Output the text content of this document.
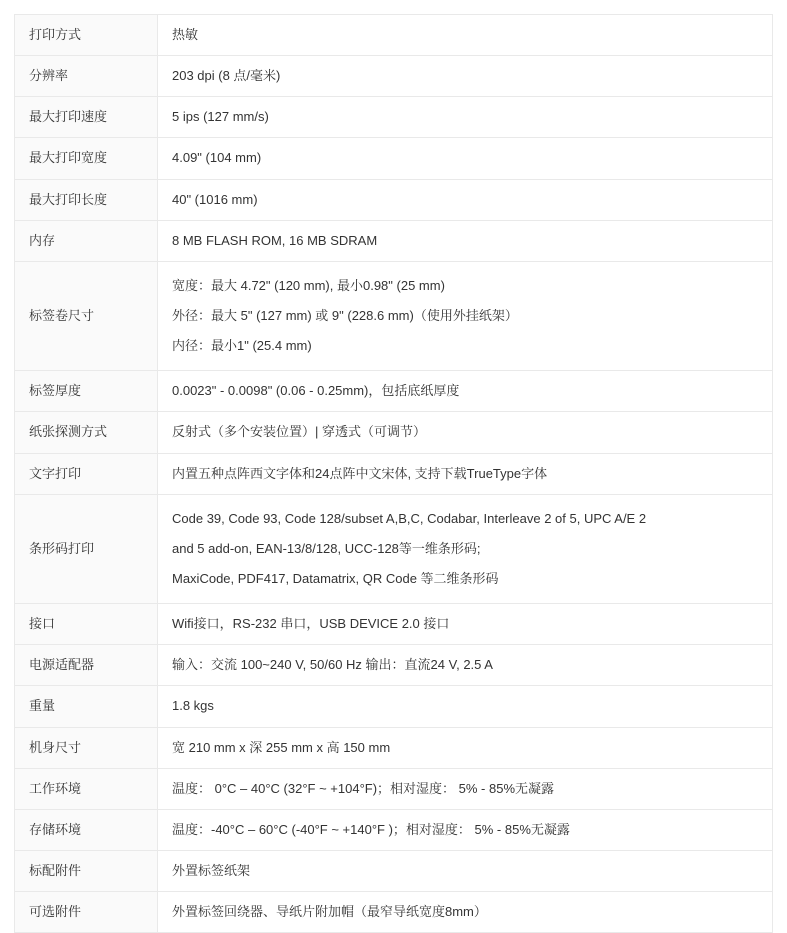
打印方式	热敏

分辨率	203 dpi (8 点/毫米)

最大打印速度	5 ips (127 mm/s)

最大打印宽度	4.09" (104 mm)

最大打印长度	40" (1016 mm)

内存	8 MB FLASH ROM, 16 MB SDRAM

标签卷尺寸	宽度：最大 4.72" (120 mm), 最小0.98" (25 mm)
外径：最大 5" (127 mm) 或 9" (228.6 mm)（使用外挂纸架）
内径：最小1" (25.4 mm)

标签厚度	0.0023" - 0.0098" (0.06 - 0.25mm)，包括底纸厚度

纸张探测方式	反射式（多个安装位置）| 穿透式（可调节）

文字打印	内置五种点阵西文字体和24点阵中文宋体, 支持下载TrueType字体

条形码打印	Code 39, Code 93, Code 128/subset A,B,C, Codabar, Interleave 2 of 5, UPC A/E 2
and 5 add-on, EAN-13/8/128, UCC-128等一维条形码;
MaxiCode, PDF417, Datamatrix, QR Code 等二维条形码

接口	Wifi接口，RS-232 串口，USB DEVICE 2.0 接口

电源适配器	输入：交流 100~240 V, 50/60 Hz 输出：直流24 V, 2.5 A

重量	1.8 kgs

机身尺寸	宽 210 mm x 深 255 mm x 高 150 mm

工作环境	温度： 0°C – 40°C (32°F ~ +104°F)；相对湿度： 5% - 85%无凝露

存储环境	温度：-40°C – 60°C (-40°F ~ +140°F )；相对湿度： 5% - 85%无凝露

标配附件	外置标签纸架

可选附件	外置标签回绕器、导纸片附加帽（最窄导纸宽度8mm）
